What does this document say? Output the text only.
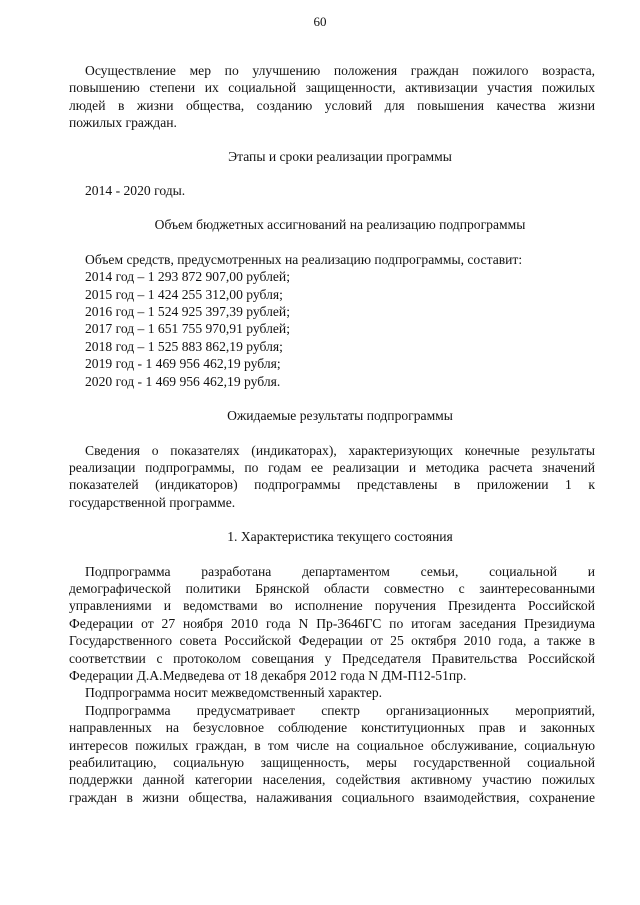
60

Осуществление мер по улучшению положения граждан пожилого возраста,

повышению степени их социальной защищенности, активизации участия пожилых

людей в жизни общества, созданию условий для повышения качества жизни

пожилых граждан.

Этапы и сроки реализации программы

2014 - 2020 годы.

Объем бюджетных ассигнований на реализацию подпрограммы

Объем средств, предусмотренных на реализацию подпрограммы, составит:

2014 год – 1 293 872 907,00 рублей;

2015 год – 1 424 255 312,00 рубля;

2016 год – 1 524 925 397,39 рублей;

2017 год – 1 651 755 970,91 рублей;

2018 год – 1 525 883 862,19 рубля;

2019 год - 1 469 956 462,19 рубля;

2020 год - 1 469 956 462,19 рубля.

Ожидаемые результаты подпрограммы

Сведения о показателях (индикаторах), характеризующих конечные результаты

реализации подпрограммы, по годам ее реализации и методика расчета значений

показателей (индикаторов) подпрограммы представлены в приложении 1 к

государственной программе.

1. Характеристика текущего состояния

Подпрограмма разработана департаментом семьи, социальной и

демографической политики Брянской области совместно с заинтересованными

управлениями и ведомствами во исполнение поручения Президента Российской

Федерации от 27 ноября 2010 года N Пр-3646ГС по итогам заседания Президиума

Государственного совета Российской Федерации от 25 октября 2010 года, а также в

соответствии с протоколом совещания у Председателя Правительства Российской

Федерации Д.А.Медведева от 18 декабря 2012 года N ДМ-П12-51пр.

Подпрограмма носит межведомственный характер.

Подпрограмма предусматривает спектр организационных мероприятий,

направленных на безусловное соблюдение конституционных прав и законных

интересов пожилых граждан, в том числе на социальное обслуживание, социальную

реабилитацию, социальную защищенность, меры государственной социальной

поддержки данной категории населения, содействия активному участию пожилых

граждан в жизни общества, налаживания социального взаимодействия, сохранение
